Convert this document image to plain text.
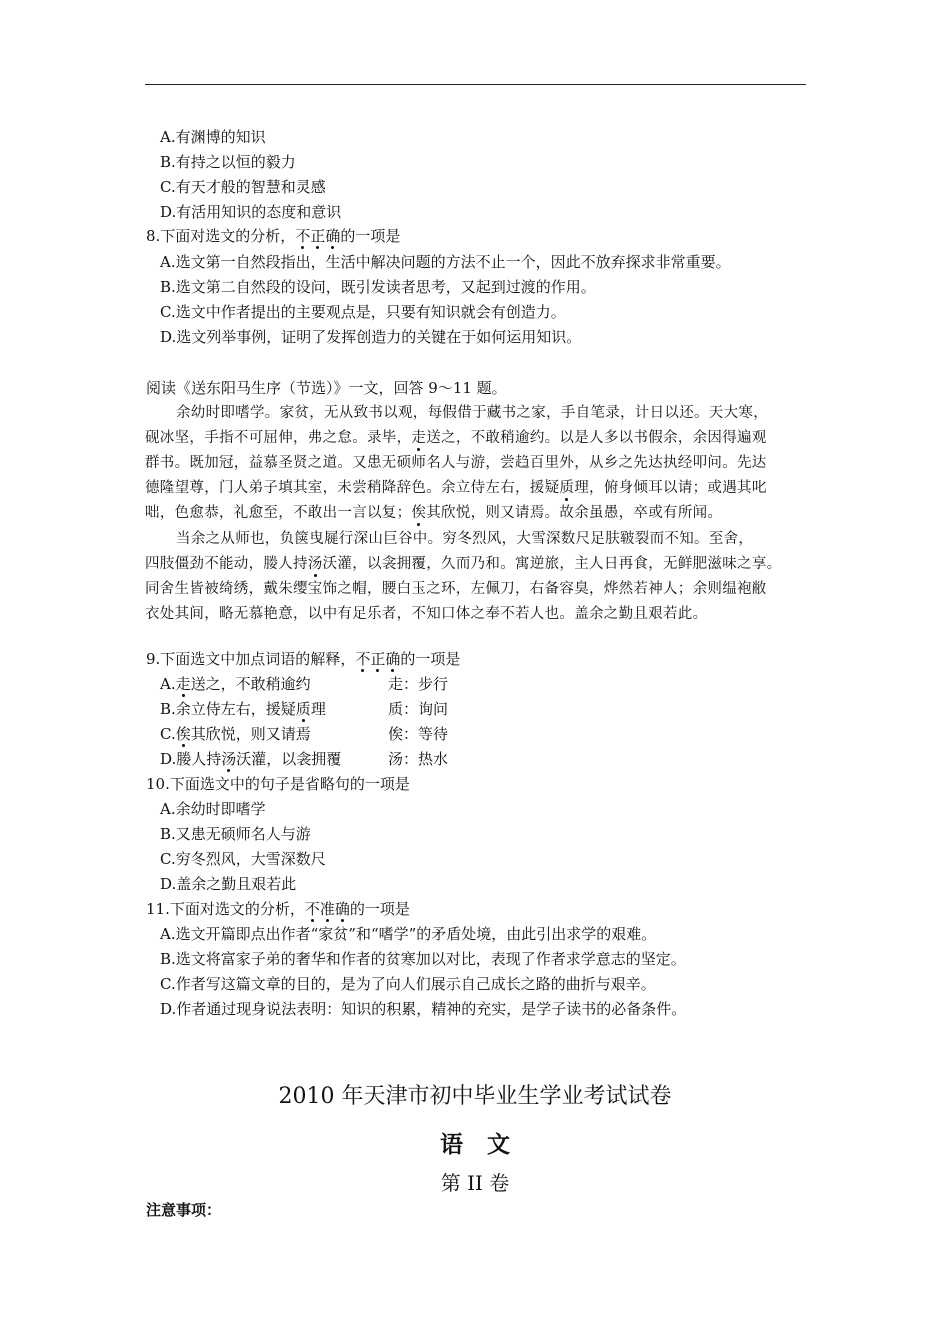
A.有渊博的知识
B.有持之以恒的毅力
C.有天才般的智慧和灵感
D.有活用知识的态度和意识
8.下面对选文的分析，不正确的一项是
A.选文第一自然段指出，生活中解决问题的方法不止一个，因此不放弃探求非常重要。
B.选文第二自然段的设问，既引发读者思考，又起到过渡的作用。
C.选文中作者提出的主要观点是，只要有知识就会有创造力。
D.选文列举事例，证明了发挥创造力的关键在于如何运用知识。
阅读《送东阳马生序（节选）》一文，回答 9～11 题。
余幼时即嗜学。家贫，无从致书以观，每假借于藏书之家，手自笔录，计日以还。天大寒，
砚冰坚，手指不可屈伸，弗之怠。录毕，走送之，不敢稍逾约。以是人多以书假余，余因得遍观
群书。既加冠，益慕圣贤之道。又患无硕师名人与游，尝趋百里外，从乡之先达执经叩问。先达
德隆望尊，门人弟子填其室，未尝稍降辞色。余立侍左右，援疑质理，俯身倾耳以请；或遇其叱
咄，色愈恭，礼愈至，不敢出一言以复；俟其欣悦，则又请焉。故余虽愚，卒或有所闻。
当余之从师也，负箧曳屣行深山巨谷中。穷冬烈风，大雪深数尺足肤皲裂而不知。至舍，
四肢僵劲不能动，媵人持汤沃灌，以衾拥覆，久而乃和。寓逆旅，主人日再食，无鲜肥滋味之享。
同舍生皆被绮绣，戴朱缨宝饰之帽，腰白玉之环，左佩刀，右备容臭，烨然若神人；余则缊袍敝
衣处其间，略无慕艳意，以中有足乐者，不知口体之奉不若人也。盖余之勤且艰若此。
9.下面选文中加点词语的解释，不正确的一项是
A.走送之，不敢稍逾约	走：步行
B.余立侍左右，援疑质理	质：询问
C.俟其欣悦，则又请焉	俟：等待
D.媵人持汤沃灌，以衾拥覆	汤：热水
10.下面选文中的句子是省略句的一项是
A.余幼时即嗜学
B.又患无硕师名人与游
C.穷冬烈风，大雪深数尺
D.盖余之勤且艰若此
11.下面对选文的分析，不准确的一项是
A.选文开篇即点出作者“家贫”和“嗜学”的矛盾处境，由此引出求学的艰难。
B.选文将富家子弟的奢华和作者的贫寒加以对比，表现了作者求学意志的坚定。
C.作者写这篇文章的目的，是为了向人们展示自己成长之路的曲折与艰辛。
D.作者通过现身说法表明：知识的积累，精神的充实，是学子读书的必备条件。
2010 年天津市初中毕业生学业考试试卷
语文
第 II 卷
注意事项：
